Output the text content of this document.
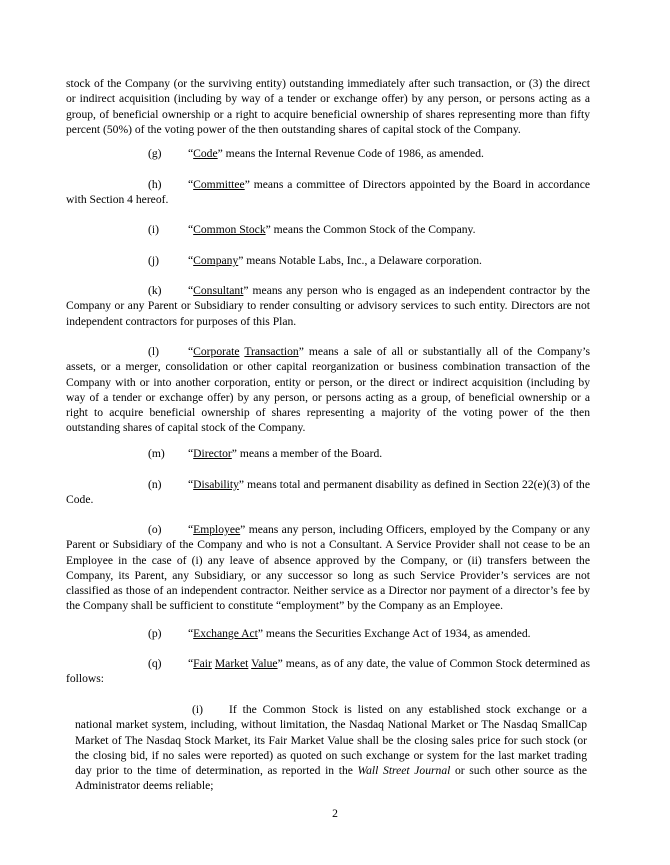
stock of the Company (or the surviving entity) outstanding immediately after such transaction, or (3) the direct or indirect acquisition (including by way of a tender or exchange offer) by any person, or persons acting as a group, of beneficial ownership or a right to acquire beneficial ownership of shares representing more than fifty percent (50%) of the voting power of the then outstanding shares of capital stock of the Company.

(g) “Code” means the Internal Revenue Code of 1986, as amended.

(h) “Committee” means a committee of Directors appointed by the Board in accordance with Section 4 hereof.

(i)	“Common Stock” means the Common Stock of the Company.

(j)	“Company” means Notable Labs, Inc., a Delaware corporation.

(k) “Consultant” means any person who is engaged as an independent contractor by the Company or any Parent or Subsidiary to render consulting or advisory services to such entity. Directors are not independent contractors for purposes of this Plan.

(l)	“Corporate Transaction” means a sale of all or substantially all of the Company’s assets, or a merger, consolidation or other capital reorganization or business combination transaction of the Company with or into another corporation, entity or person, or the direct or indirect acquisition (including by way of a tender or exchange offer) by any person, or persons acting as a group, of beneficial ownership or a right to acquire beneficial ownership of shares representing a majority of the voting power of the then outstanding shares of capital stock of the Company.

(m) “Director” means a member of the Board.

(n) “Disability” means total and permanent disability as defined in Section 22(e)(3) of the Code.

(o) “Employee” means any person, including Officers, employed by the Company or any Parent or Subsidiary of the Company and who is not a Consultant. A Service Provider shall not cease to be an Employee in the case of (i) any leave of absence approved by the Company, or (ii) transfers between the Company, its Parent, any Subsidiary, or any successor so long as such Service Provider’s services are not classified as those of an independent contractor. Neither service as a Director nor payment of a director’s fee by the Company shall be sufficient to constitute “employment” by the Company as an Employee.

(p) “Exchange Act” means the Securities Exchange Act of 1934, as amended.

(q) “Fair Market Value” means, as of any date, the value of Common Stock determined as follows:

(i) If the Common Stock is listed on any established stock exchange or a national market system, including, without limitation, the Nasdaq National Market or The Nasdaq SmallCap Market of The Nasdaq Stock Market, its Fair Market Value shall be the closing sales price for such stock (or the closing bid, if no sales were reported) as quoted on such exchange or system for the last market trading day prior to the time of determination, as reported in the Wall Street Journal or such other source as the Administrator deems reliable;

2
